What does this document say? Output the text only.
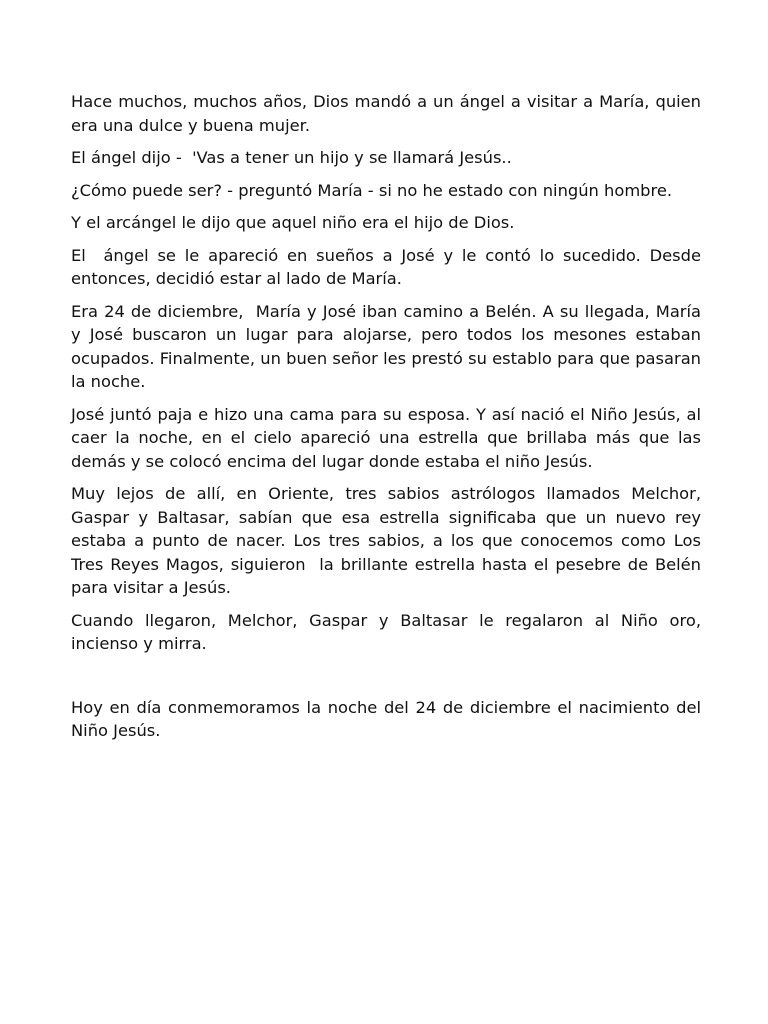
Hace muchos, muchos años, Dios mandó a un ángel a visitar a María, quien era una dulce y buena mujer.

El ángel dijo -  'Vas a tener un hijo y se llamará Jesús..

¿Cómo puede ser? - preguntó María - si no he estado con ningún hombre.

Y el arcángel le dijo que aquel niño era el hijo de Dios.

El  ángel se le apareció en sueños a José y le contó lo sucedido. Desde entonces, decidió estar al lado de María.

Era 24 de diciembre,  María y José iban camino a Belén. A su llegada, María y José buscaron un lugar para alojarse, pero todos los mesones estaban ocupados. Finalmente, un buen señor les prestó su establo para que pasaran la noche.

José juntó paja e hizo una cama para su esposa. Y así nació el Niño Jesús, al caer la noche, en el cielo apareció una estrella que brillaba más que las demás y se colocó encima del lugar donde estaba el niño Jesús.

Muy lejos de allí, en Oriente, tres sabios astrólogos llamados Melchor, Gaspar y Baltasar, sabían que esa estrella significaba que un nuevo rey estaba a punto de nacer. Los tres sabios, a los que conocemos como Los Tres Reyes Magos, siguieron  la brillante estrella hasta el pesebre de Belén para visitar a Jesús.

Cuando llegaron, Melchor, Gaspar y Baltasar le regalaron al Niño oro, incienso y mirra.

Hoy en día conmemoramos la noche del 24 de diciembre el nacimiento del Niño Jesús.
